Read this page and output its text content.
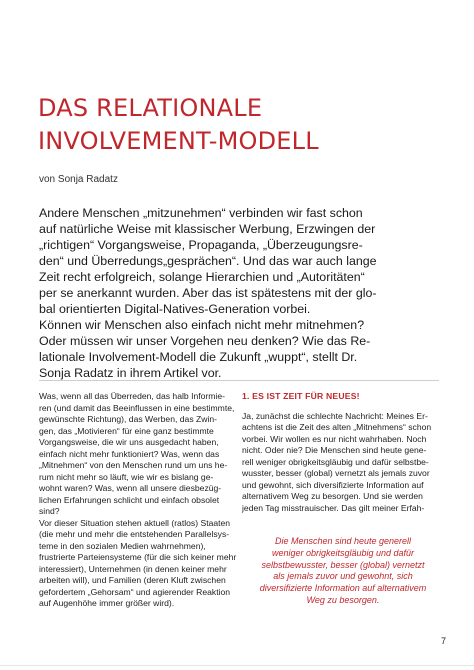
DAS RELATIONALE
INVOLVEMENT-MODELL

von Sonja Radatz

Andere Menschen „mitzunehmen“ verbinden wir fast schon
auf natürliche Weise mit klassischer Werbung, Erzwingen der
„richtigen“ Vorgangsweise, Propaganda, „Überzeugungsre-
den“ und Überredungs„gesprächen“. Und das war auch lange
Zeit recht erfolgreich, solange Hierarchien und „Autoritäten“
per se anerkannt wurden. Aber das ist spätestens mit der glo-
bal orientierten Digital-Natives-Generation vorbei.
Können wir Menschen also einfach nicht mehr mitnehmen?
Oder müssen wir unser Vorgehen neu denken? Wie das Re-
lationale Involvement-Modell die Zukunft „wuppt“, stellt Dr.
Sonja Radatz in ihrem Artikel vor.
Was, wenn all das Überreden, das halb Informie-
ren (und damit das Beeinflussen in eine bestimmte,
gewünschte Richtung), das Werben, das Zwin-
gen, das „Motivieren“ für eine ganz bestimmte
Vorgangsweise, die wir uns ausgedacht haben,
einfach nicht mehr funktioniert? Was, wenn das
„Mitnehmen“ von den Menschen rund um uns he-
rum nicht mehr so läuft, wie wir es bislang ge-
wohnt waren? Was, wenn all unsere diesbezüg-
lichen Erfahrungen schlicht und einfach obsolet
sind?
Vor dieser Situation stehen aktuell (ratlos) Staaten
(die mehr und mehr die entstehenden Parallelsys-
teme in den sozialen Medien wahrnehmen),
frustrierte Parteiensysteme (für die sich keiner mehr
interessiert), Unternehmen (in denen keiner mehr
arbeiten will), und Familien (deren Kluft zwischen
gefordertem „Gehorsam“ und agierender Reaktion
auf Augenhöhe immer größer wird).
1. ES IST ZEIT FÜR NEUES!
Ja, zunächst die schlechte Nachricht: Meines Er-
achtens ist die Zeit des alten „Mitnehmens“ schon
vorbei. Wir wollen es nur nicht wahrhaben. Noch
nicht. Oder nie? Die Menschen sind heute gene-
rell weniger obrigkeitsgläubig und dafür selbstbe-
wusster, besser (global) vernetzt als jemals zuvor
und gewohnt, sich diversifizierte Information auf
alternativem Weg zu besorgen. Und sie werden
jeden Tag misstrauischer. Das gilt meiner Erfah-
Die Menschen sind heute generell
weniger obrigkeitsgläubig und dafür
selbstbewusster, besser (global) vernetzt
als jemals zuvor und gewohnt, sich
diversifizierte Information auf alternativem
Weg zu besorgen.
7
